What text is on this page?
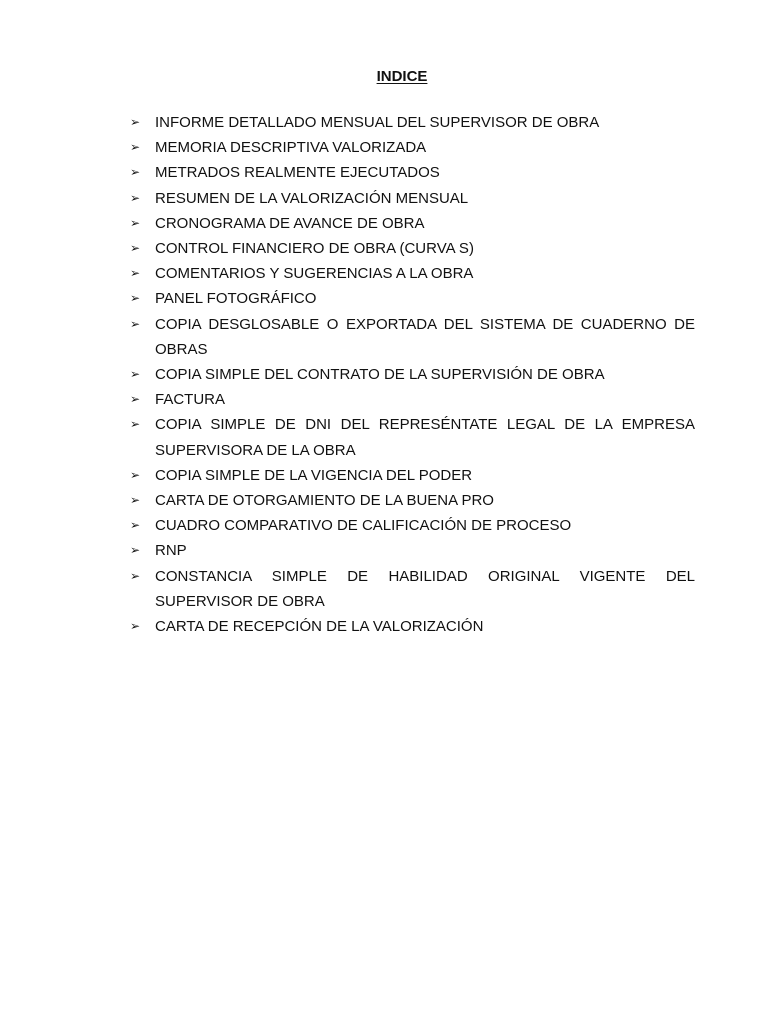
INDICE
➢ INFORME DETALLADO MENSUAL DEL SUPERVISOR DE OBRA
➢ MEMORIA DESCRIPTIVA VALORIZADA
➢ METRADOS REALMENTE EJECUTADOS
➢ RESUMEN DE LA VALORIZACIÓN MENSUAL
➢ CRONOGRAMA DE AVANCE DE OBRA
➢ CONTROL FINANCIERO DE OBRA (CURVA S)
➢ COMENTARIOS Y SUGERENCIAS A LA OBRA
➢ PANEL FOTOGRÁFICO
➢ COPIA DESGLOSABLE O EXPORTADA DEL SISTEMA DE CUADERNO DE OBRAS
➢ COPIA SIMPLE DEL CONTRATO DE LA SUPERVISIÓN DE OBRA
➢ FACTURA
➢ COPIA SIMPLE DE DNI DEL REPRESÉNTATE LEGAL DE LA EMPRESA SUPERVISORA DE LA OBRA
➢ COPIA SIMPLE DE LA VIGENCIA DEL PODER
➢ CARTA DE OTORGAMIENTO DE LA BUENA PRO
➢ CUADRO COMPARATIVO DE CALIFICACIÓN DE PROCESO
➢ RNP
➢ CONSTANCIA SIMPLE DE HABILIDAD ORIGINAL VIGENTE DEL SUPERVISOR DE OBRA
➢ CARTA DE RECEPCIÓN DE LA VALORIZACIÓN
